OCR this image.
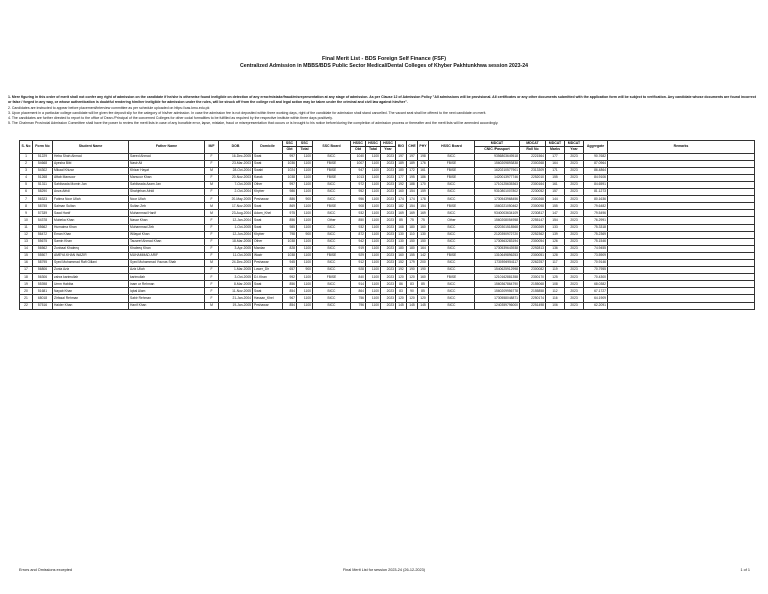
Final Merit List - BDS Foreign Self Finance (FSF)
Centralized Admission in MBBS/BDS Public Sector Medical/Dental Colleges of Khyber Pakhtunkhwa session 2023-24
1. Mere figuring in this order of merit shall not confer any right of admission on the candidate if he/she is otherwise found ineligible on detection of any error/mistake/fraud/misrepresentation at any stage of admission. As per Clause 12 of Admission Policy "All admissions will be provisional. All certificates or any other documents submitted with the application form will be subject to verification. Any candidate whose documents are found incorrect or false / forged in any way, or whose authentication is doubtful rendering him/her ineligible for admission under the rules, will be struck off from the college roll and legal action may be taken under the criminal and civil law against him/her".
2. Candidates are instructed to appear before placement/interview committee as per schedule uploaded on https://cas.kmu.edu.pk
3. Upon placement in a particular college candidate will be given fee deposit slip for the category of his/her admission. In case the admission fee is not deposited within three working days, right of the candidate for admission shall stand cancelled. The vacant seat shall be offered to the next candidate on merit.
4. The candidates are further directed to report to the office of Dean /Principal of the concerned Colleges for other codal formalities to be fulfilled as required by the respective institute within three days positively.
5. The Chairman Provincial Admission Committee shall have the power to review the merit lists in case of any bonafide error, lapse, mistake, fraud or misrepresentation that occurs or is brought to his notice before/during the completion of admission process or thereafter and the merit lists will be amended accordingly.
S. No	Form No	Student Name	Father Name	M/F	DOB	Domicile	SSC	SSC	SSC Board	HSSC	HSSC	HSSC	BIO	CHE	PHY	HSSC Board	MDCAT	MDCAT	MDCAT	MDCAT	Aggregate	Remarks
							Obt	Total		Obt	Total	Year					CNIC /Passport	Roll No	Marks	Year		
1	51229	Heba Shah Ahmad	Saeed Ahmad	F	16-Dec-2005	Swat	997	1100	BICC	1040	1100	2023	197	197	198	BICC	9356803649518	2221564	177	2023	90.7682	
2	54668	Ayesha Bibi	Nasir Ali	F	23-Mar-2003	Swat	1036	1100	FBISE	1007	1100	2023	189	189	176	FBISE	1560209893838	2300268	164	2023	87.0964	
3	54302	Mikaal Khizar	Khizar Hayat	M	28-Oct-2004	Swabi	1024	1100	FBISE	947	1100	2023	180	172	161	FBISE	1620210577901	2313309	171	2023	86.4864	
4	51268	Aftab Mansoor	Mansoor Khan	F	20-Nov-2003	Karak	1038	1100	FBISE	1013	1100	2023	177	195	186	FBISE	1420013977746	2252010	155	2023	84.9106	
5	51311	Sahibzada Momin Jan	Sahibzada Azam Jan	M	7-Oct-2005	Other	997	1100	BICC	972	1100	2023	192	188	170	BICC	1710125635363	2300164	161	2023	84.6591	
6	58290	Anza Afridi	Shahjehan Afridi	F	2-Oct-2004	Khyber	986	1100	BICC	952	1100	2023	160	154	159	BICC	9310801007802	2230052	157	2023	81.1273	
7	56323	Fatima Noor Ullah	Noor Ullah	F	20-May-2005	Peshawar	886	900	BICC	956	1100	2023	174	174	178	BICC	1730543968456	2300268	144	2023	80.1636	
8	58755	Salman Sultan	Sultan Zeb	M	17-Nov-2005	Swat	869	1100	FBISE	908	1100	2023	182	154	154	FBISE	1560221050462	2300098	155	2023	79.6482	
9	57339	Saad Hanif	Muhammad Hanif	M	23-Aug-2004	Adam_Khel	975	1100	BICC	932	1100	2023	169	169	169	BICC	9340003634109	2230817	147	2023	79.5496	
10	54378	Mubeka Khan	Nasar Khan	F	12-Jan-2004	Swat	856	1100	Other	850	1100	2023	85	75	75	Other	1560208054958	2255147	154	2023	76.2991	
11	55662	Humaima Khan	Muhammad Zeb	F	1-Oct-2005	Swat	985	1100	BICC	932	1100	2023	168	180	160	BICC	4220301518568	2300269	133	2023	75.3318	
12	56472	Eman Khan	Wilayat Khan	F	12-Jun-2004	Khyber	798	900	BICC	872	1100	2023	130	110	130	BICC	2120390972720	2252362	139	2023	75.2369	
13	55675	Samin Khan	Tauseef Ahmad Khan	F	18-Mar-2006	Other	1038	1100	BICC	942	1100	2023	130	150	150	BICC	1730563283194	2300054	126	2023	75.1546	
14	56562	Zunbaal Khaleeq	Khaleeq Khan	F	3-Apr-2005	Mardan	828	1100	BICC	919	1100	2023	180	180	164	BICC	1730539643938	2292813	136	2023	74.9455	
15	55507	AMEYA KHAN WAZIR	MUHAMMAD ARIF	F	11-Oct-2005	Wazir	1038	1100	FBISE	929	1100	2023	160	155	142	FBISE	1310649896253	2300051	128	2023	73.5909	
16	58795	Syed Muhammad Rafi Gillani	Syed Muhammad Younas Shah	M	24-Dec-2003	Peshawar	945	1100	BICC	912	1100	2023	152	179	200	BICC	1730594954117	2262257	117	2023	70.9146	
17	56806	Zunia Aziz	Aziz Ullah	F	1-Mar-2005	Lower_Dir	657	900	BICC	928	1100	2023	192	190	190	BICC	1540625912998	2300082	119	2023	70.7955	
18	56306	zahra karimullah	karimullah	F	3-Oct-2005	D.I.Khan	992	1100	FBISE	840	1100	2023	120	120	160	FBISE	1210162881358	2300170	125	2023	70.4300	
19	55398	Umm Habiba	inam ur Rehman	F	8-Mar-2005	Swat	856	1100	BICC	914	1100	2023	86	83	85	BICC	1560367864790	2155068	108	2023	68.0382	
20	51681	Nayab Khan	Iqbal Alam	F	11-Nov-2005	Swat	854	1100	BICC	864	1100	2023	83	90	85	BICC	1560209956778	2155858	112	2023	67.1727	
21	68018	Zirfasal Rehman	Sabir Rehman	F	21-Jan-2004	Hassan_Khel	967	1100	BICC	756	1100	2023	120	120	120	BICC	1730558048871	2250174	116	2023	64.1909	
22	57516	Haider Khan	Hanif Khan	M	19-Jan-2005	Peshawar	854	1100	BICC	796	1100	2023	145	145	145	BICC	1240359796000	2251498	106	2023	62.2091	
Errors and Omissions excepted	Final Merit List for session 2023-24 (26-12-2023)	1 of 1
